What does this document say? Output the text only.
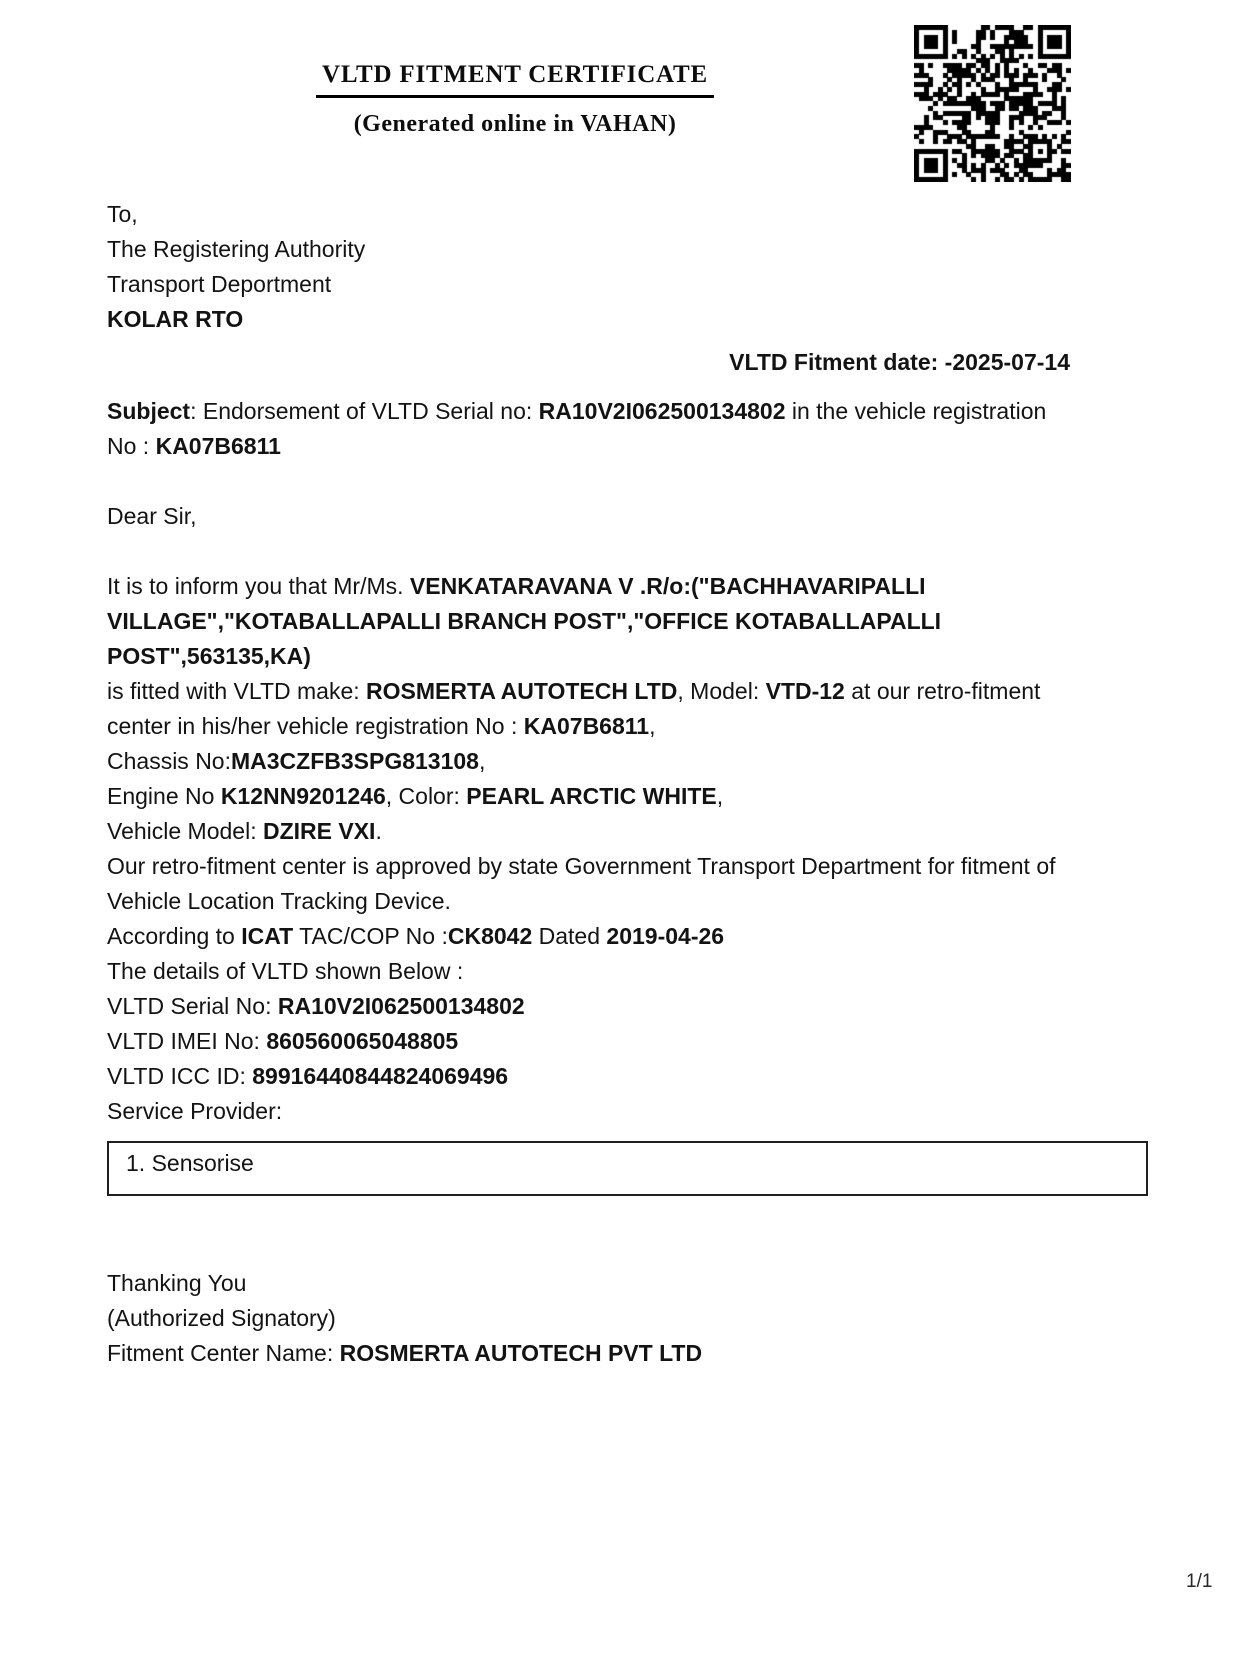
VLTD FITMENT CERTIFICATE
(Generated online in VAHAN)
To,
The Registering Authority
Transport Deportment
KOLAR RTO
VLTD Fitment date: -2025-07-14
Subject: Endorsement of VLTD Serial no: RA10V2I062500134802 in the vehicle registration
No : KA07B6811
Dear Sir,
It is to inform you that Mr/Ms. VENKATARAVANA V .R/o:("BACHHAVARIPALLI
VILLAGE","KOTABALLAPALLI BRANCH POST","OFFICE KOTABALLAPALLI
POST",563135,KA)
is fitted with VLTD make: ROSMERTA AUTOTECH LTD, Model: VTD-12 at our retro-fitment
center in his/her vehicle registration No : KA07B6811,
Chassis No:MA3CZFB3SPG813108,
Engine No K12NN9201246, Color: PEARL ARCTIC WHITE,
Vehicle Model: DZIRE VXI.
Our retro-fitment center is approved by state Government Transport Department for fitment of
Vehicle Location Tracking Device.
According to ICAT TAC/COP No :CK8042 Dated 2019-04-26
The details of VLTD shown Below :
VLTD Serial No: RA10V2I062500134802
VLTD IMEI No: 860560065048805
VLTD ICC ID: 89916440844824069496
Service Provider:
1. Sensorise
Thanking You
(Authorized Signatory)
Fitment Center Name: ROSMERTA AUTOTECH PVT LTD
1/1
